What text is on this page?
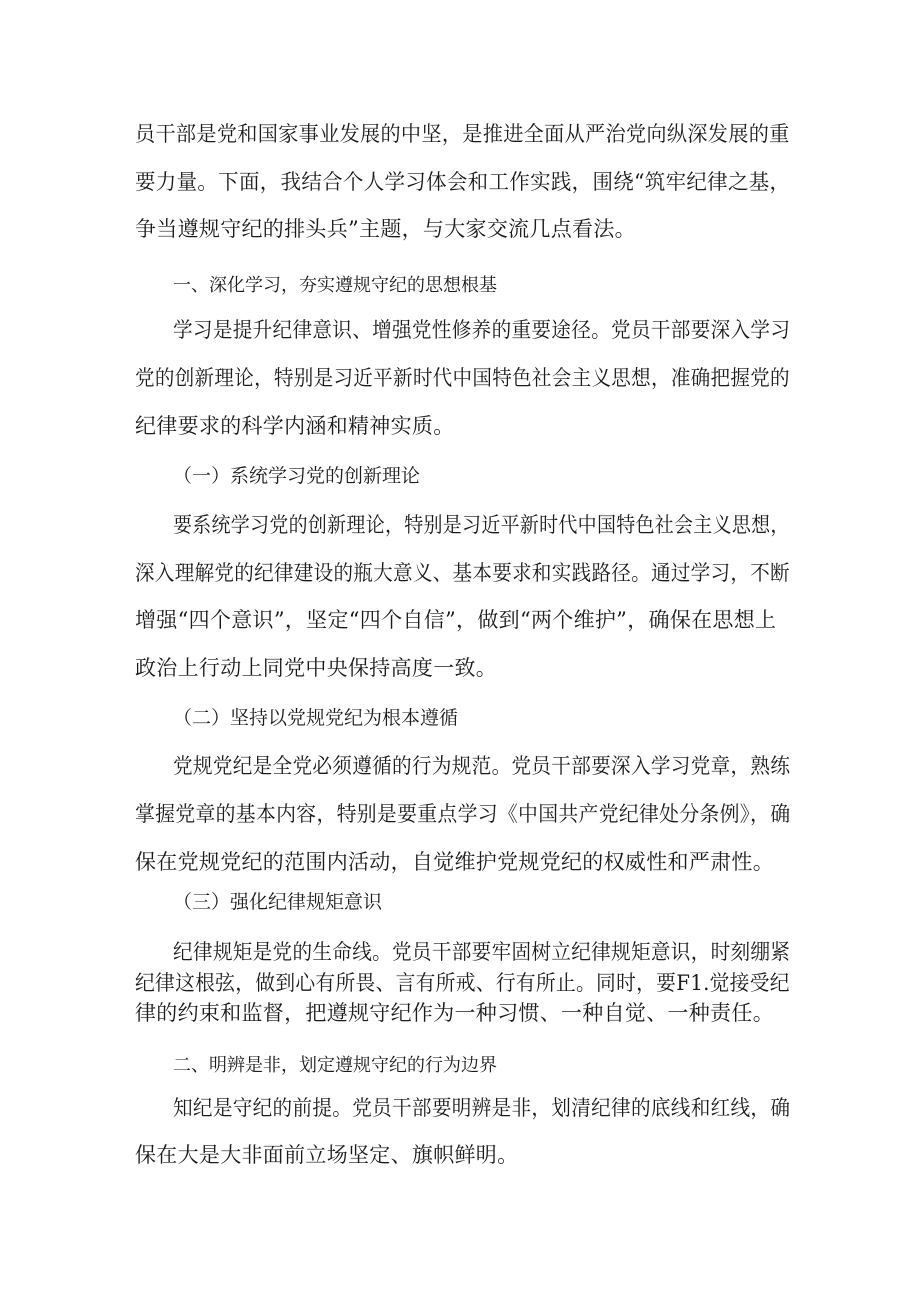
员干部是党和国家事业发展的中坚，是推进全面从严治党向纵深发展的重
要力量。下面，我结合个人学习体会和工作实践，围绕“筑牢纪律之基，
争当遵规守纪的排头兵”主题，与大家交流几点看法。
一、深化学习，夯实遵规守纪的思想根基
学习是提升纪律意识、增强党性修养的重要途径。党员干部要深入学习
党的创新理论，特别是习近平新时代中国特色社会主义思想，准确把握党的
纪律要求的科学内涵和精神实质。
（一）系统学习党的创新理论
要系统学习党的创新理论，特别是习近平新时代中国特色社会主义思想，
深入理解党的纪律建设的瓶大意义、基本要求和实践路径。通过学习，不断
增强“四个意识”，坚定“四个自信”，做到“两个维护”，确保在思想上
政治上行动上同党中央保持高度一致。
（二）坚持以党规党纪为根本遵循
党规党纪是全党必须遵循的行为规范。党员干部要深入学习党章，熟练
掌握党章的基本内容，特别是要重点学习《中国共产党纪律处分条例》，确
保在党规党纪的范围内活动，自觉维护党规党纪的权威性和严肃性。
（三）强化纪律规矩意识
纪律规矩是党的生命线。党员干部要牢固树立纪律规矩意识，时刻绷紧
纪律这根弦，做到心有所畏、言有所戒、行有所止。同时，要F1.觉接受纪
律的约束和监督，把遵规守纪作为一种习惯、一种自觉、一种责任。
二、明辨是非，划定遵规守纪的行为边界
知纪是守纪的前提。党员干部要明辨是非，划清纪律的底线和红线，确
保在大是大非面前立场坚定、旗帜鲜明。
